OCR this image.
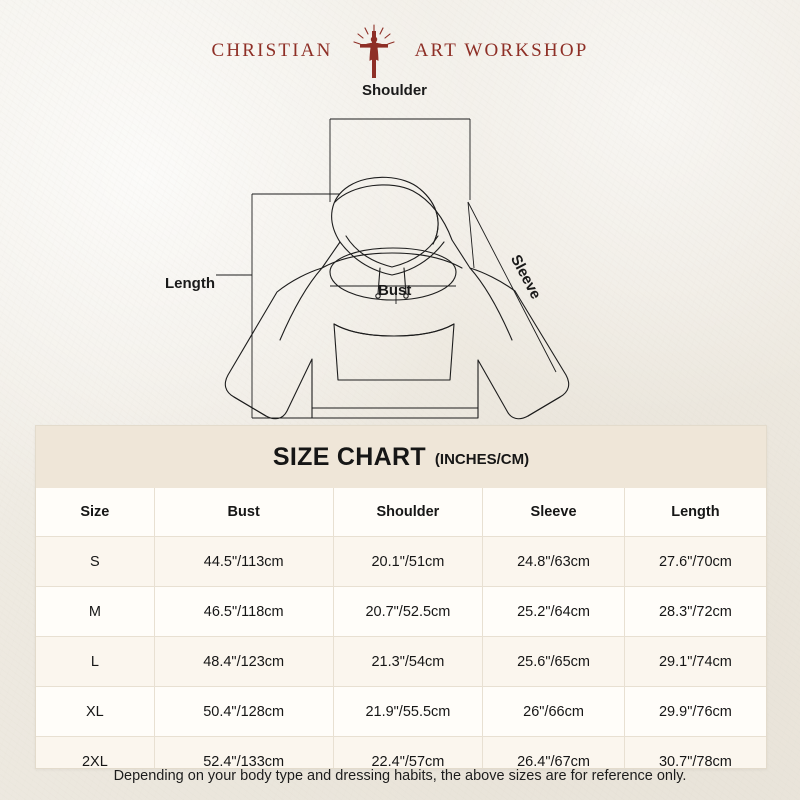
CHRISTIAN	ART WORKSHOP
Shoulder
Bust
Length	Sleeve
SIZE CHART (INCHES/CM)
Size	Bust	Shoulder	Sleeve	Length
S	44.5"/113cm	20.1"/51cm	24.8"/63cm	27.6"/70cm
M	46.5"/118cm	20.7"/52.5cm	25.2"/64cm	28.3"/72cm
L	48.4"/123cm	21.3"/54cm	25.6"/65cm	29.1"/74cm
XL	50.4"/128cm	21.9"/55.5cm	26"/66cm	29.9"/76cm
2XL	52.4"/133cm	22.4"/57cm	26.4"/67cm	30.7"/78cm
Depending on your body type and dressing habits, the above sizes are for reference only.
